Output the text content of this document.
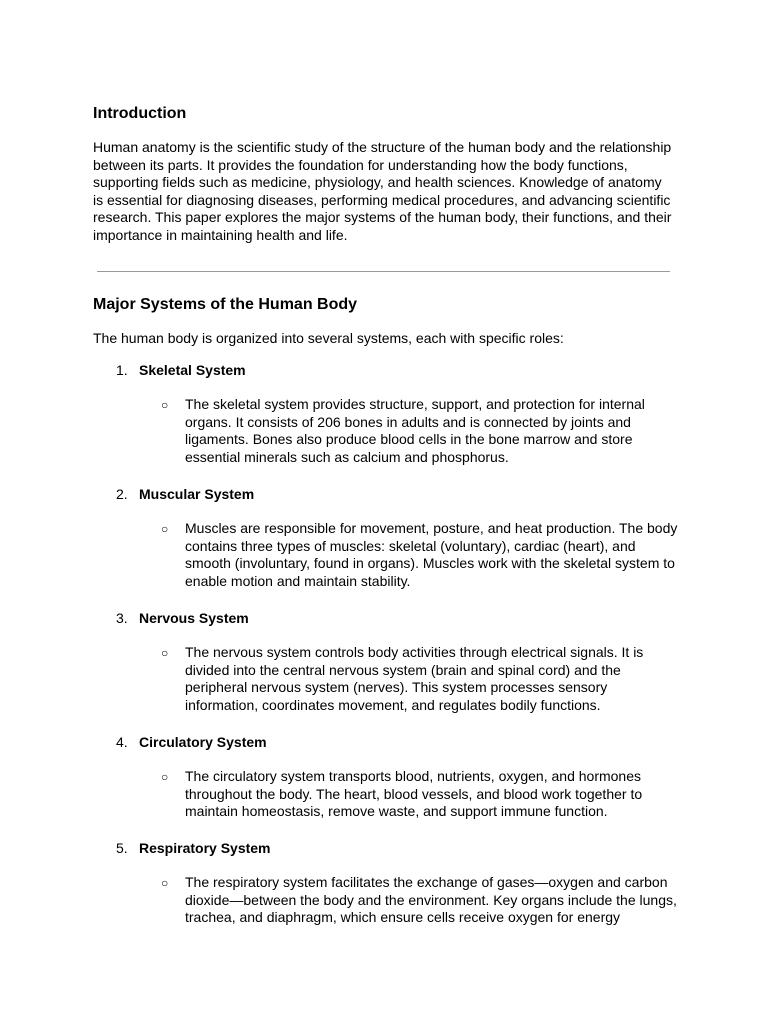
Introduction

Human anatomy is the scientific study of the structure of the human body and the relationship between its parts. It provides the foundation for understanding how the body functions, supporting fields such as medicine, physiology, and health sciences. Knowledge of anatomy is essential for diagnosing diseases, performing medical procedures, and advancing scientific research. This paper explores the major systems of the human body, their functions, and their importance in maintaining health and life.

Major Systems of the Human Body

The human body is organized into several systems, each with specific roles:

1. Skeletal System
○ The skeletal system provides structure, support, and protection for internal organs. It consists of 206 bones in adults and is connected by joints and ligaments. Bones also produce blood cells in the bone marrow and store essential minerals such as calcium and phosphorus.

2. Muscular System
○ Muscles are responsible for movement, posture, and heat production. The body contains three types of muscles: skeletal (voluntary), cardiac (heart), and smooth (involuntary, found in organs). Muscles work with the skeletal system to enable motion and maintain stability.

3. Nervous System
○ The nervous system controls body activities through electrical signals. It is divided into the central nervous system (brain and spinal cord) and the peripheral nervous system (nerves). This system processes sensory information, coordinates movement, and regulates bodily functions.

4. Circulatory System
○ The circulatory system transports blood, nutrients, oxygen, and hormones throughout the body. The heart, blood vessels, and blood work together to maintain homeostasis, remove waste, and support immune function.

5. Respiratory System
○ The respiratory system facilitates the exchange of gases—oxygen and carbon dioxide—between the body and the environment. Key organs include the lungs, trachea, and diaphragm, which ensure cells receive oxygen for energy
